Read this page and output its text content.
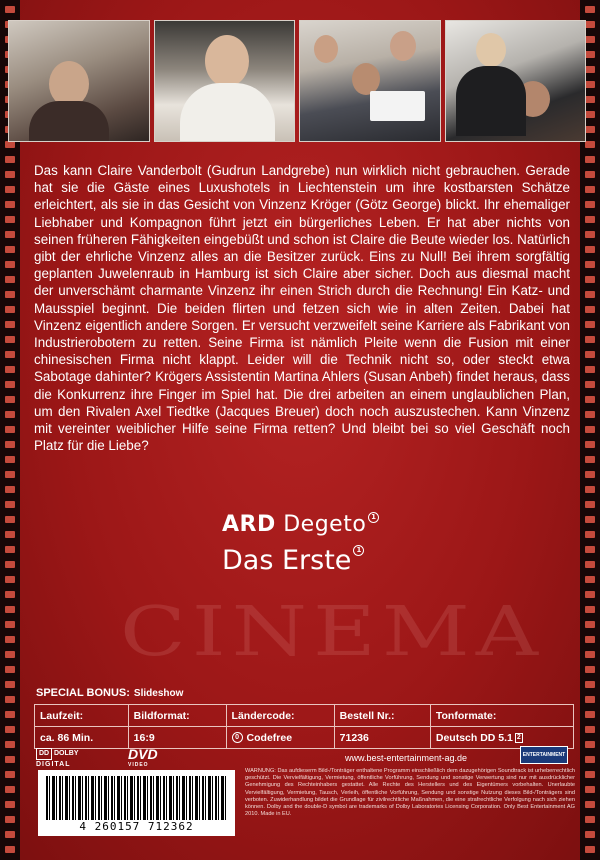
Das kann Claire Vanderbolt (Gudrun Landgrebe) nun wirklich nicht gebrauchen. Gerade hat sie die Gäste eines Luxushotels in Liechtenstein um ihre kostbarsten Schätze erleichtert, als sie in das Gesicht von Vinzenz Kröger (Götz George) blickt. Ihr ehemaliger Liebhaber und Kompagnon führt jetzt ein bürgerliches Leben. Er hat aber nichts von seinen früheren Fähigkeiten eingebüßt und schon ist Claire die Beute wieder los. Natürlich gibt der ehrliche Vinzenz alles an die Besitzer zurück. Eins zu Null! Bei ihrem sorgfältig geplanten Juwelenraub in Hamburg ist sich Claire aber sicher. Doch aus diesmal macht der unverschämt charmante Vinzenz ihr einen Strich durch die Rechnung! Ein Katz- und Mausspiel beginnt. Die beiden flirten und fetzen sich wie in alten Zeiten. Dabei hat Vinzenz eigentlich andere Sorgen. Er versucht verzweifelt seine Karriere als Fabrikant von Industrierobotern zu retten. Seine Firma ist nämlich Pleite wenn die Fusion mit einer chinesischen Firma nicht klappt. Leider will die Technik nicht so, oder steckt etwa Sabotage dahinter? Krögers Assistentin Martina Ahlers (Susan Anbeh) findet heraus, dass die Konkurrenz ihre Finger im Spiel hat. Die drei arbeiten an einem unglaublichen Plan, um den Rivalen Axel Tiedtke (Jacques Breuer) doch noch auszustechen. Kann Vinzenz mit vereinter weiblicher Hilfe seine Firma retten? Und bleibt bei so viel Geschäft noch Platz für die Liebe?

ARD Degeto 1
Das Erste 1
CINEMA
SPECIAL BONUS: Slideshow
Laufzeit:	Bildformat:	Ländercode:	Bestell Nr.:	Tonformate:
ca. 86 Min.	16:9	0 Codefree	71236	Deutsch DD 5.1 2
DD DOLBY
DIGITAL
DVD
VIDEO
www.best-entertainment-ag.de	ENTERTAINMENT
4 260157 712362

WARNUNG: Das aufdieserm Bild-/Tonträger enthaltene Programm einschließlich dem dazugehörigen Soundtrack ist urheberrechtlich geschützt. Die Vervielfältigung, Vermietung, öffentliche Vorführung, Sendung und sonstige Verwertung sind nur mit ausdrücklicher Genehmigung des Rechteinhabers gestattet. Alle Rechte des Herstellers und des Eigentümers vorbehalten. Unerlaubte Vervielfältigung, Vermietung, Tausch, Verleih, öffentliche Vorführung, Sendung und sonstige Nutzung dieses Bild-/Tonträgers sind verboten. Zuwiderhandlung bildet die Grundlage für zivilrechtliche Maßnahmen, die eine strafrechtliche Verfolgung nach sich ziehen können. Dolby and the double-D symbol are trademarks of Dolby Laboratories Licensing Corporation. Only Best Entertainment AG 2010. Made in EU.
